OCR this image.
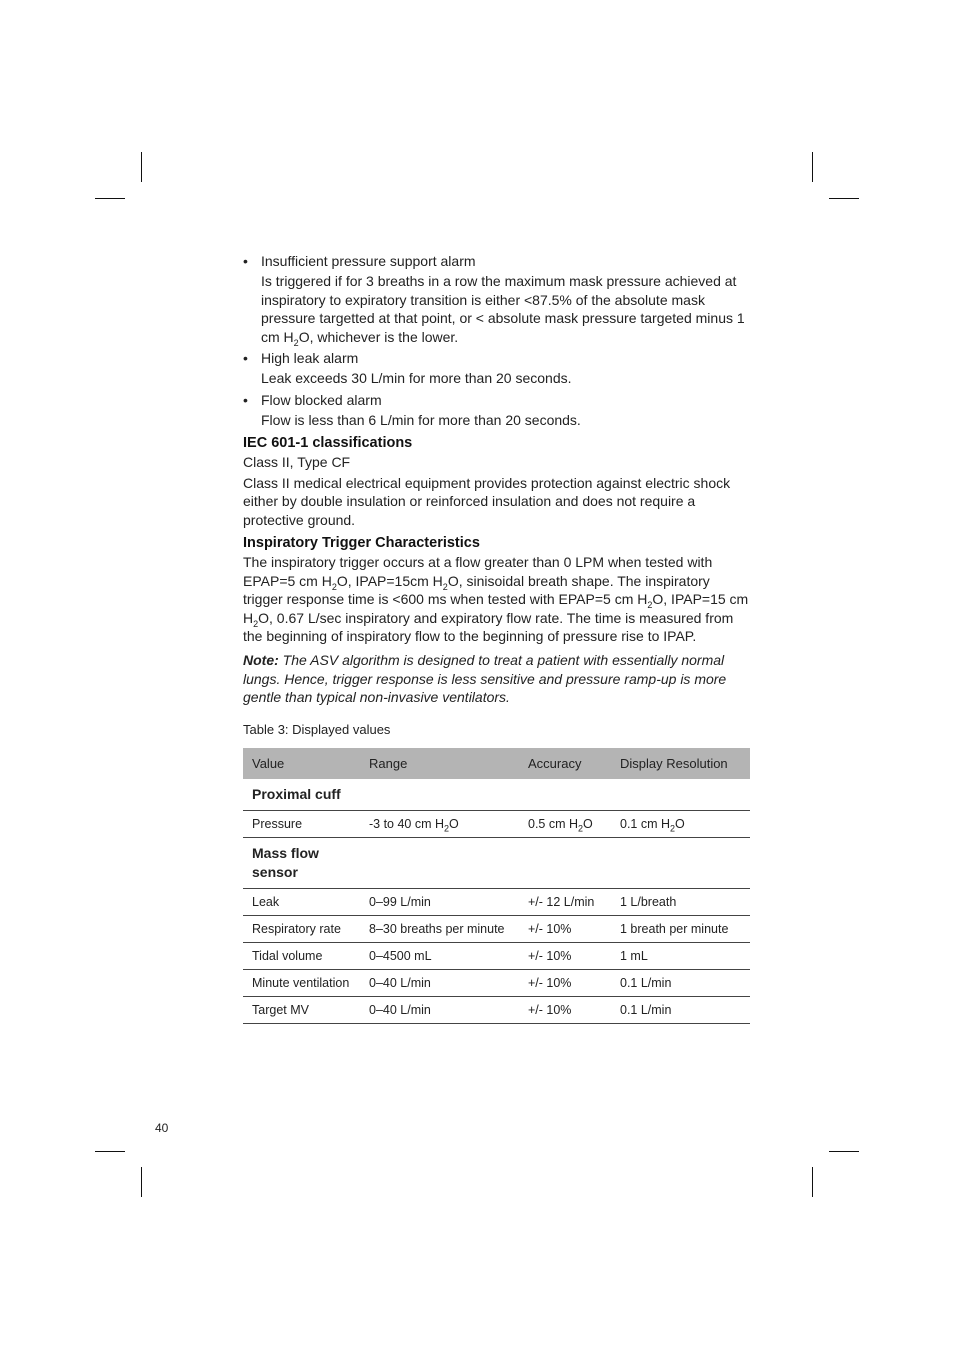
• Insufficient pressure support alarm
Is triggered if for 3 breaths in a row the maximum mask pressure achieved at inspiratory to expiratory transition is either <87.5% of the absolute mask pressure targetted at that point, or < absolute mask pressure targeted minus 1 cm $H_2O$, whichever is the lower.
• High leak alarm
Leak exceeds 30 L/min for more than 20 seconds.
• Flow blocked alarm
Flow is less than 6 L/min for more than 20 seconds.
IEC 601-1 classifications

Class II, Type CF

Class II medical electrical equipment provides protection against electric shock either by double insulation or reinforced insulation and does not require a protective ground.

Inspiratory Trigger Characteristics

The inspiratory trigger occurs at a flow greater than 0 LPM when tested with EPAP=5 cm $H_2O$, IPAP=15cm $H_2O$, sinisoidal breath shape. The inspiratory trigger response time is <600 ms when tested with EPAP=5 cm $H_2O$, IPAP=15 cm $H_2O$, 0.67 L/sec inspiratory and expiratory flow rate. The time is measured from the beginning of inspiratory flow to the beginning of pressure rise to IPAP.

Note: The ASV algorithm is designed to treat a patient with essentially normal lungs. Hence, trigger response is less sensitive and pressure ramp-up is more gentle than typical non-invasive ventilators.

Table 3: Displayed values
Value	Range	Accuracy	Display Resolution
Proximal cuff			
Pressure	-3 to 40 cm $H_2O$	0.5 cm $H_2O$	0.1 cm $H_2O$
Mass flow sensor			
Leak	0–99 L/min	+/- 12 L/min	1 L/breath
Respiratory rate	8–30 breaths per minute	+/- 10%	1 breath per minute
Tidal volume	0–4500 mL	+/- 10%	1 mL
Minute ventilation	0–40 L/min	+/- 10%	0.1 L/min
Target MV	0–40 L/min	+/- 10%	0.1 L/min
40
